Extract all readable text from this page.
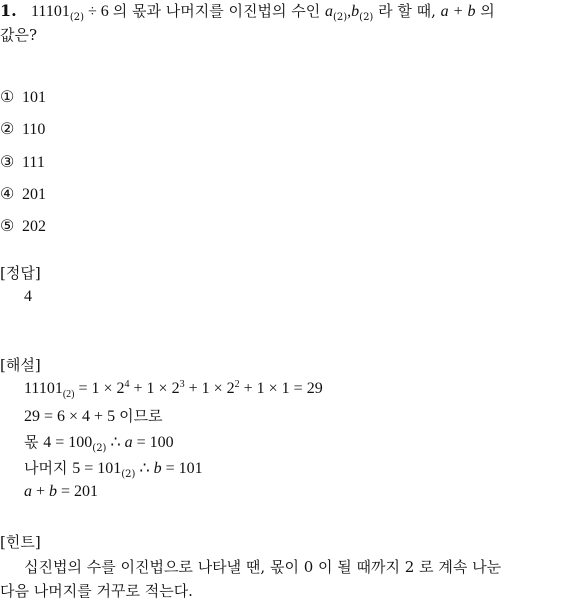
1. $11101_{(2)} \div 6$ 의 몫과 나머지를 이진법의 수인 $a_{(2)},b_{(2)}$ 라 할 때, a + b 의
값은?
① 101
② 110
③ 111
④ 201
⑤ 202
[정답]
4
[해설]
$11101_{(2)} = 1 \times 2^4 + 1 \times 2^3 + 1 \times 2^2 + 1 \times 1 = 29$
29 = 6 × 4 + 5 이므로
몫 $4 = 100_{(2)}$ ∴ a = 100
나머지 $5 = 101_{(2)}$ ∴ b = 101
a + b = 201
[힌트]
십진법의 수를 이진법으로 나타낼 땐, 몫이 0 이 될 때까지 2 로 계속 나눈
다음 나머지를 거꾸로 적는다.
